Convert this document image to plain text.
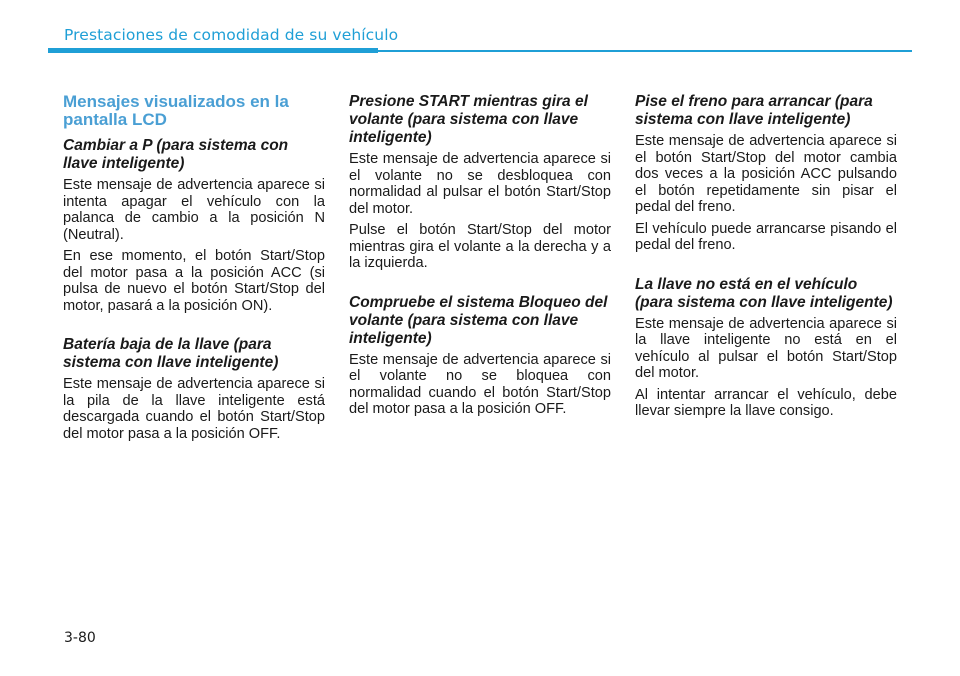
Prestaciones de comodidad de su vehículo
Mensajes visualizados en la pantalla LCD
Cambiar a P (para sistema con llave inteligente)

Este mensaje de advertencia aparece si intenta apagar el vehículo con la palanca de cambio a la posición N (Neutral).

En ese momento, el botón Start/Stop del motor pasa a la posición ACC (si pulsa de nuevo el botón Start/Stop del motor, pasará a la posición ON).

Batería baja de la llave (para sistema con llave inteligente)

Este mensaje de advertencia aparece si la pila de la llave inteligente está descargada cuando el botón Start/Stop del motor pasa a la posición OFF.

Presione START mientras gira el volante (para sistema con llave inteligente)

Este mensaje de advertencia aparece si el volante no se desbloquea con normalidad al pulsar el botón Start/Stop del motor.

Pulse el botón Start/Stop del motor mientras gira el volante a la derecha y a la izquierda.

Compruebe el sistema Bloqueo del volante (para sistema con llave inteligente)

Este mensaje de advertencia aparece si el volante no se bloquea con normalidad cuando el botón Start/Stop del motor pasa a la posición OFF.

Pise el freno para arrancar (para sistema con llave inteligente)

Este mensaje de advertencia aparece si el botón Start/Stop del motor cambia dos veces a la posición ACC pulsando el botón repetidamente sin pisar el pedal del freno.

El vehículo puede arrancarse pisando el pedal del freno.

La llave no está en el vehículo (para sistema con llave inteligente)

Este mensaje de advertencia aparece si la llave inteligente no está en el vehículo al pulsar el botón Start/Stop del motor.

Al intentar arrancar el vehículo, debe llevar siempre la llave consigo.

3-80
